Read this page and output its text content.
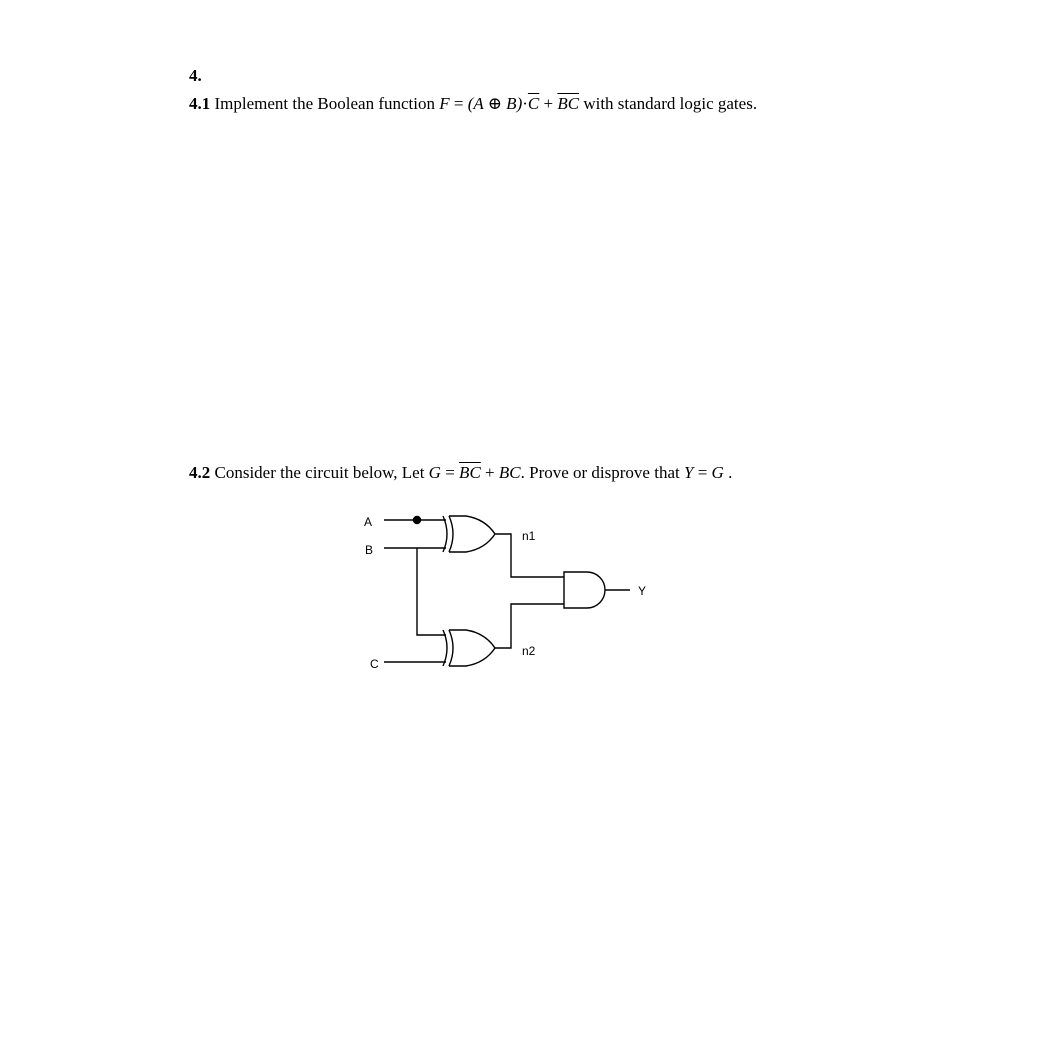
4.
4.1 Implement the Boolean function F = (A ⊕ $B)\cdot\overline{C} + \overline{BC}$ with standard logic gates.
4.2 Consider the circuit below, Let $G = \overline{B}\overline{C}$ + BC. Prove or disprove that Y = G .
A
B
C
n1
n2
Y
